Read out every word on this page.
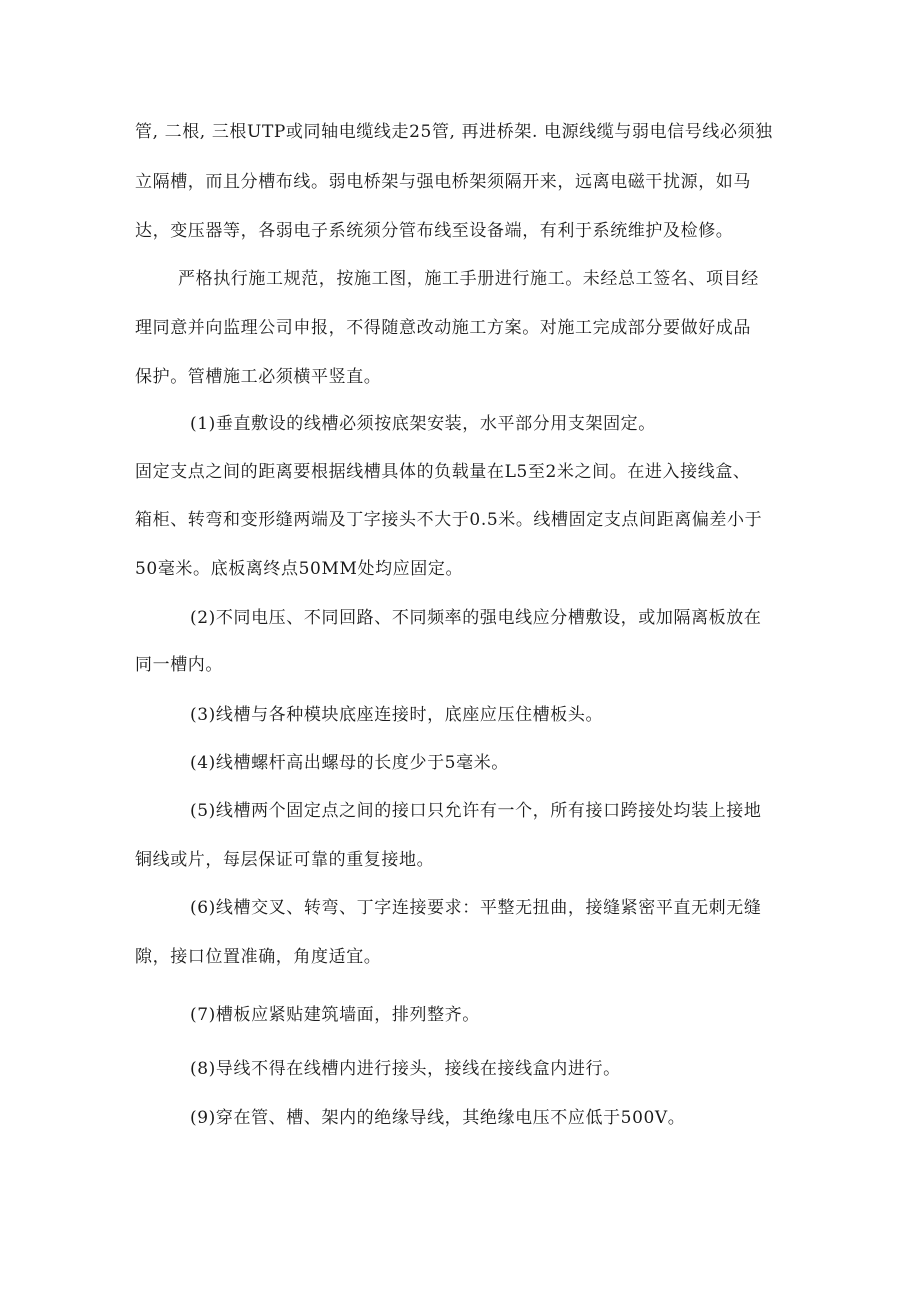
管, 二根, 三根UTP或同轴电缆线走25管, 再进桥架. 电源线缆与弱电信号线必须独
立隔槽，而且分槽布线。弱电桥架与强电桥架须隔开来，远离电磁干扰源，如马
达，变压器等，各弱电子系统须分管布线至设备端，有利于系统维护及检修。
严格执行施工规范，按施工图，施工手册进行施工。未经总工签名、项目经
理同意并向监理公司申报，不得随意改动施工方案。对施工完成部分要做好成品
保护。管槽施工必须横平竖直。
(1)垂直敷设的线槽必须按底架安装，水平部分用支架固定。
固定支点之间的距离要根据线槽具体的负载量在L5至2米之间。在进入接线盒、
箱柜、转弯和变形缝两端及丁字接头不大于0.5米。线槽固定支点间距离偏差小于
50毫米。底板离终点50MM处均应固定。
(2)不同电压、不同回路、不同频率的强电线应分槽敷设，或加隔离板放在
同一槽内。
(3)线槽与各种模块底座连接时，底座应压住槽板头。
(4)线槽螺杆高出螺母的长度少于5毫米。
(5)线槽两个固定点之间的接口只允许有一个，所有接口跨接处均装上接地
铜线或片，每层保证可靠的重复接地。
(6)线槽交叉、转弯、丁字连接要求：平整无扭曲，接缝紧密平直无刺无缝
隙，接口位置准确，角度适宜。
(7)槽板应紧贴建筑墙面，排列整齐。
(8)导线不得在线槽内进行接头，接线在接线盒内进行。
(9)穿在管、槽、架内的绝缘导线，其绝缘电压不应低于500V。
